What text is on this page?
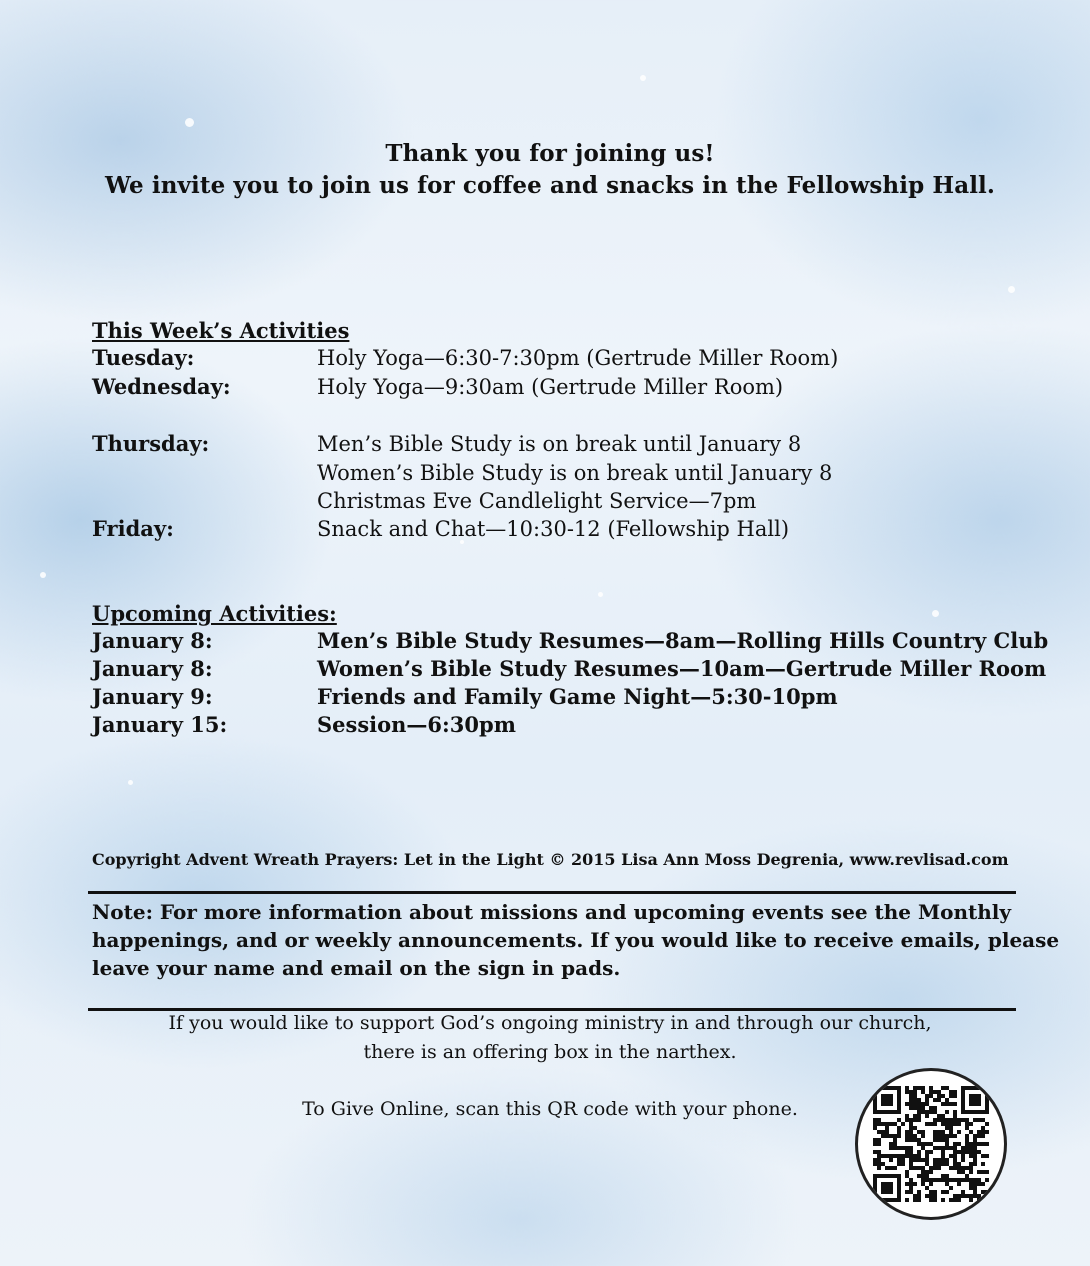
Thank you for joining us!
We invite you to join us for coffee and snacks in the Fellowship Hall.
This Week’s Activities
Tuesday:	Holy Yoga—6:30-7:30pm (Gertrude Miller Room)
Wednesday:	Holy Yoga—9:30am (Gertrude Miller Room)
Thursday:	Men’s Bible Study is on break until January 8
Women’s Bible Study is on break until January 8
Christmas Eve Candlelight Service—7pm
Friday:	Snack and Chat—10:30-12 (Fellowship Hall)
Upcoming Activities:
January 8:	Men’s Bible Study Resumes—8am—Rolling Hills Country Club
January 8:	Women’s Bible Study Resumes—10am—Gertrude Miller Room
January 9:	Friends and Family Game Night—5:30-10pm
January 15:	Session—6:30pm
Copyright Advent Wreath Prayers: Let in the Light © 2015 Lisa Ann Moss Degrenia, www.revlisad.com
Note: For more information about missions and upcoming events see the Monthly
happenings, and or weekly announcements. If you would like to receive emails, please
leave your name and email on the sign in pads.
If you would like to support God’s ongoing ministry in and through our church,
there is an offering box in the narthex.
To Give Online, scan this QR code with your phone.
